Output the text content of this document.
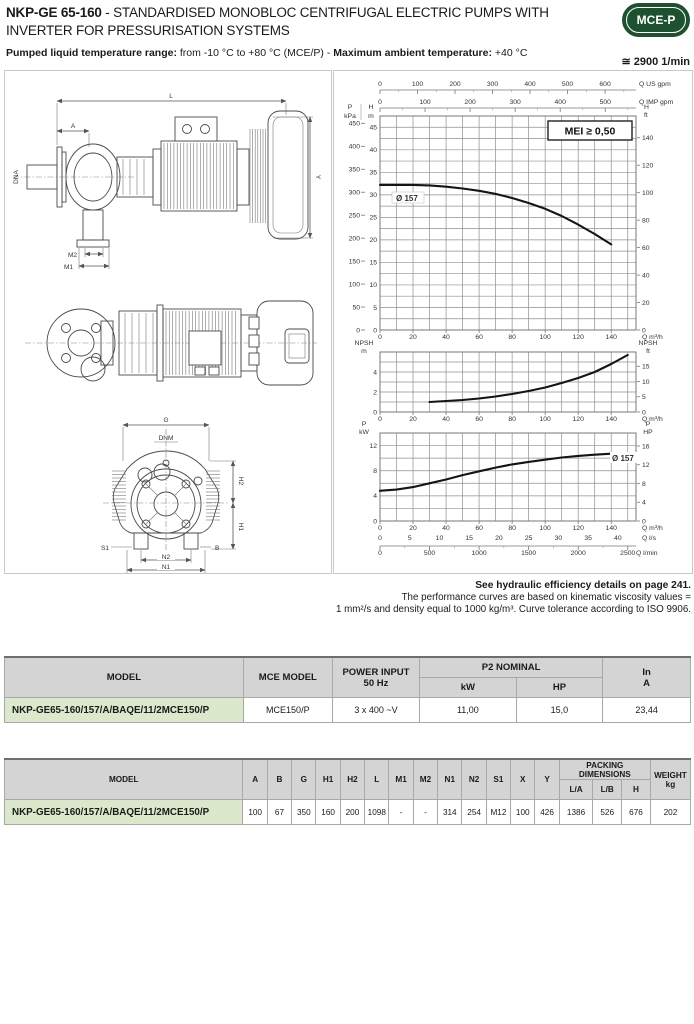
NKP-GE 65-160 - STANDARDISED MONOBLOC CENTRIFUGAL ELECTRIC PUMPS WITH INVERTER FOR PRESSURISATION SYSTEMS
MCE-P
Pumped liquid temperature range: from -10 °C to +80 °C (MCE/P) - Maximum ambient temperature: +40 °C
≅ 2900 1/min
L
A
Y
DNA
M2
M1
G
DNM
H2
H1
S1	B
N2
N1
0	20	40	60	80	100	120	140	Q m³/h
0
5
10
15
20
25
30
35
40
45
0
50
100
150
200
250
300
350
400
450
0
20
40
60
80
100
120
140
P
kPa
H
m
H
ft
0	100	200	300	400	500	600	Q US gpm
0	100	200	300	400	500	Q IMP gpm
Ø 157
MEI ≥ 0,50
0	20	40	60	80	100	120	140	Q m³/h
0
2
4
0
5
10
15
NPSH
m
NPSH
ft
0	20	40	60	80	100	120	140	Q m³/h
0
4
8
12
0
4
8
12
16
P
kW
P
HP
0	5	10	15	20	25	30	35	40	Q l/s
0	500	1000	1500	2000	2500 Q l/min
Ø 157
See hydraulic efficiency details on page 241.
The performance curves are based on kinematic viscosity values =
1 mm²/s and density equal to 1000 kg/m³. Curve tolerance according to ISO 9906.
MODEL	MCE MODEL	POWER INPUT
50 Hz
	P2 NOMINAL	In
A

			kW	HP	
NKP-GE65-160/157/A/BAQE/11/2MCE150/P	MCE150/P	3 x 400 ~V	11,00	15,0	23,44
MODEL	A	B	G	H1	H2	L	M1	M2	N1	N2	S1	X	Y	PACKING DIMENSIONS			WEIGHT
kg

														L/A	L/B	H	
NKP-GE65-160/157/A/BAQE/11/2MCE150/P	100	67	350	160	200	1098	-	-	314	254	M12	100	426	1386	526	676	202
